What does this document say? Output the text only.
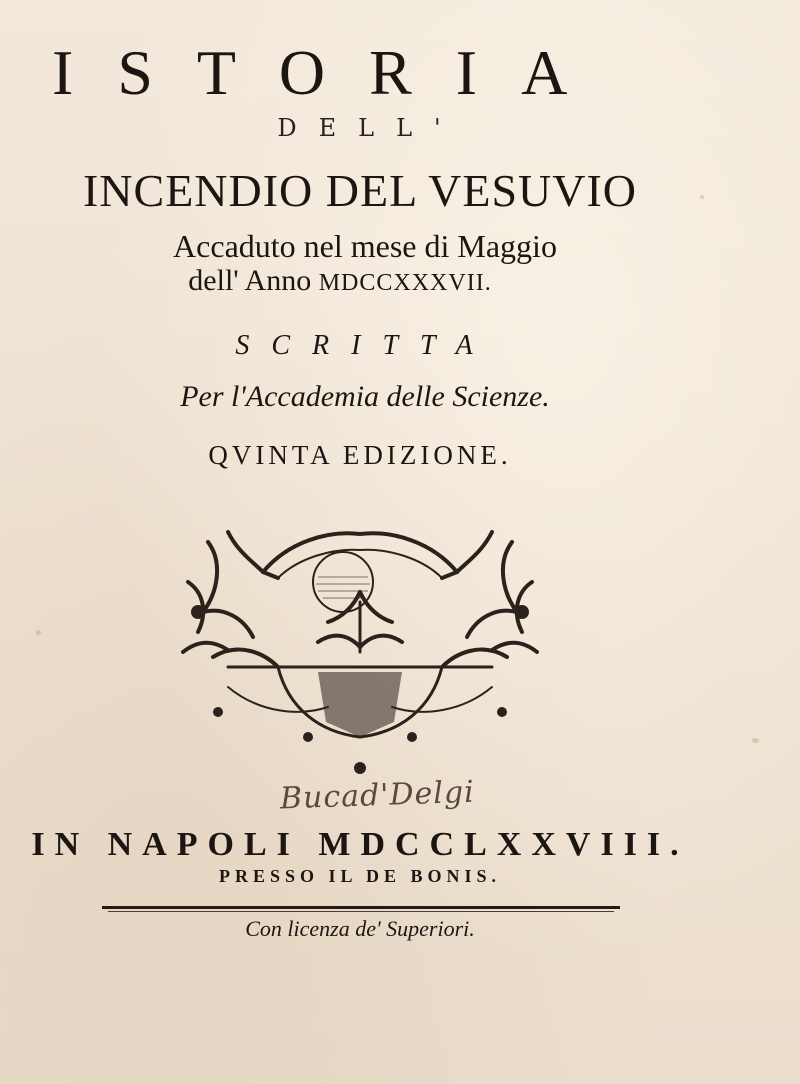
ISTORIA
DELL'
INCENDIO DEL VESUVIO
Accaduto nel mese di Maggio
dell' Anno MDCCXXXVII.
SCRITTA
Per l'Accademia delle Scienze.
QVINTA EDIZIONE.
Bucad'Delgi
IN NAPOLI MDCCLXXVIII.
PRESSO IL DE BONIS.
Con licenza de' Superiori.
